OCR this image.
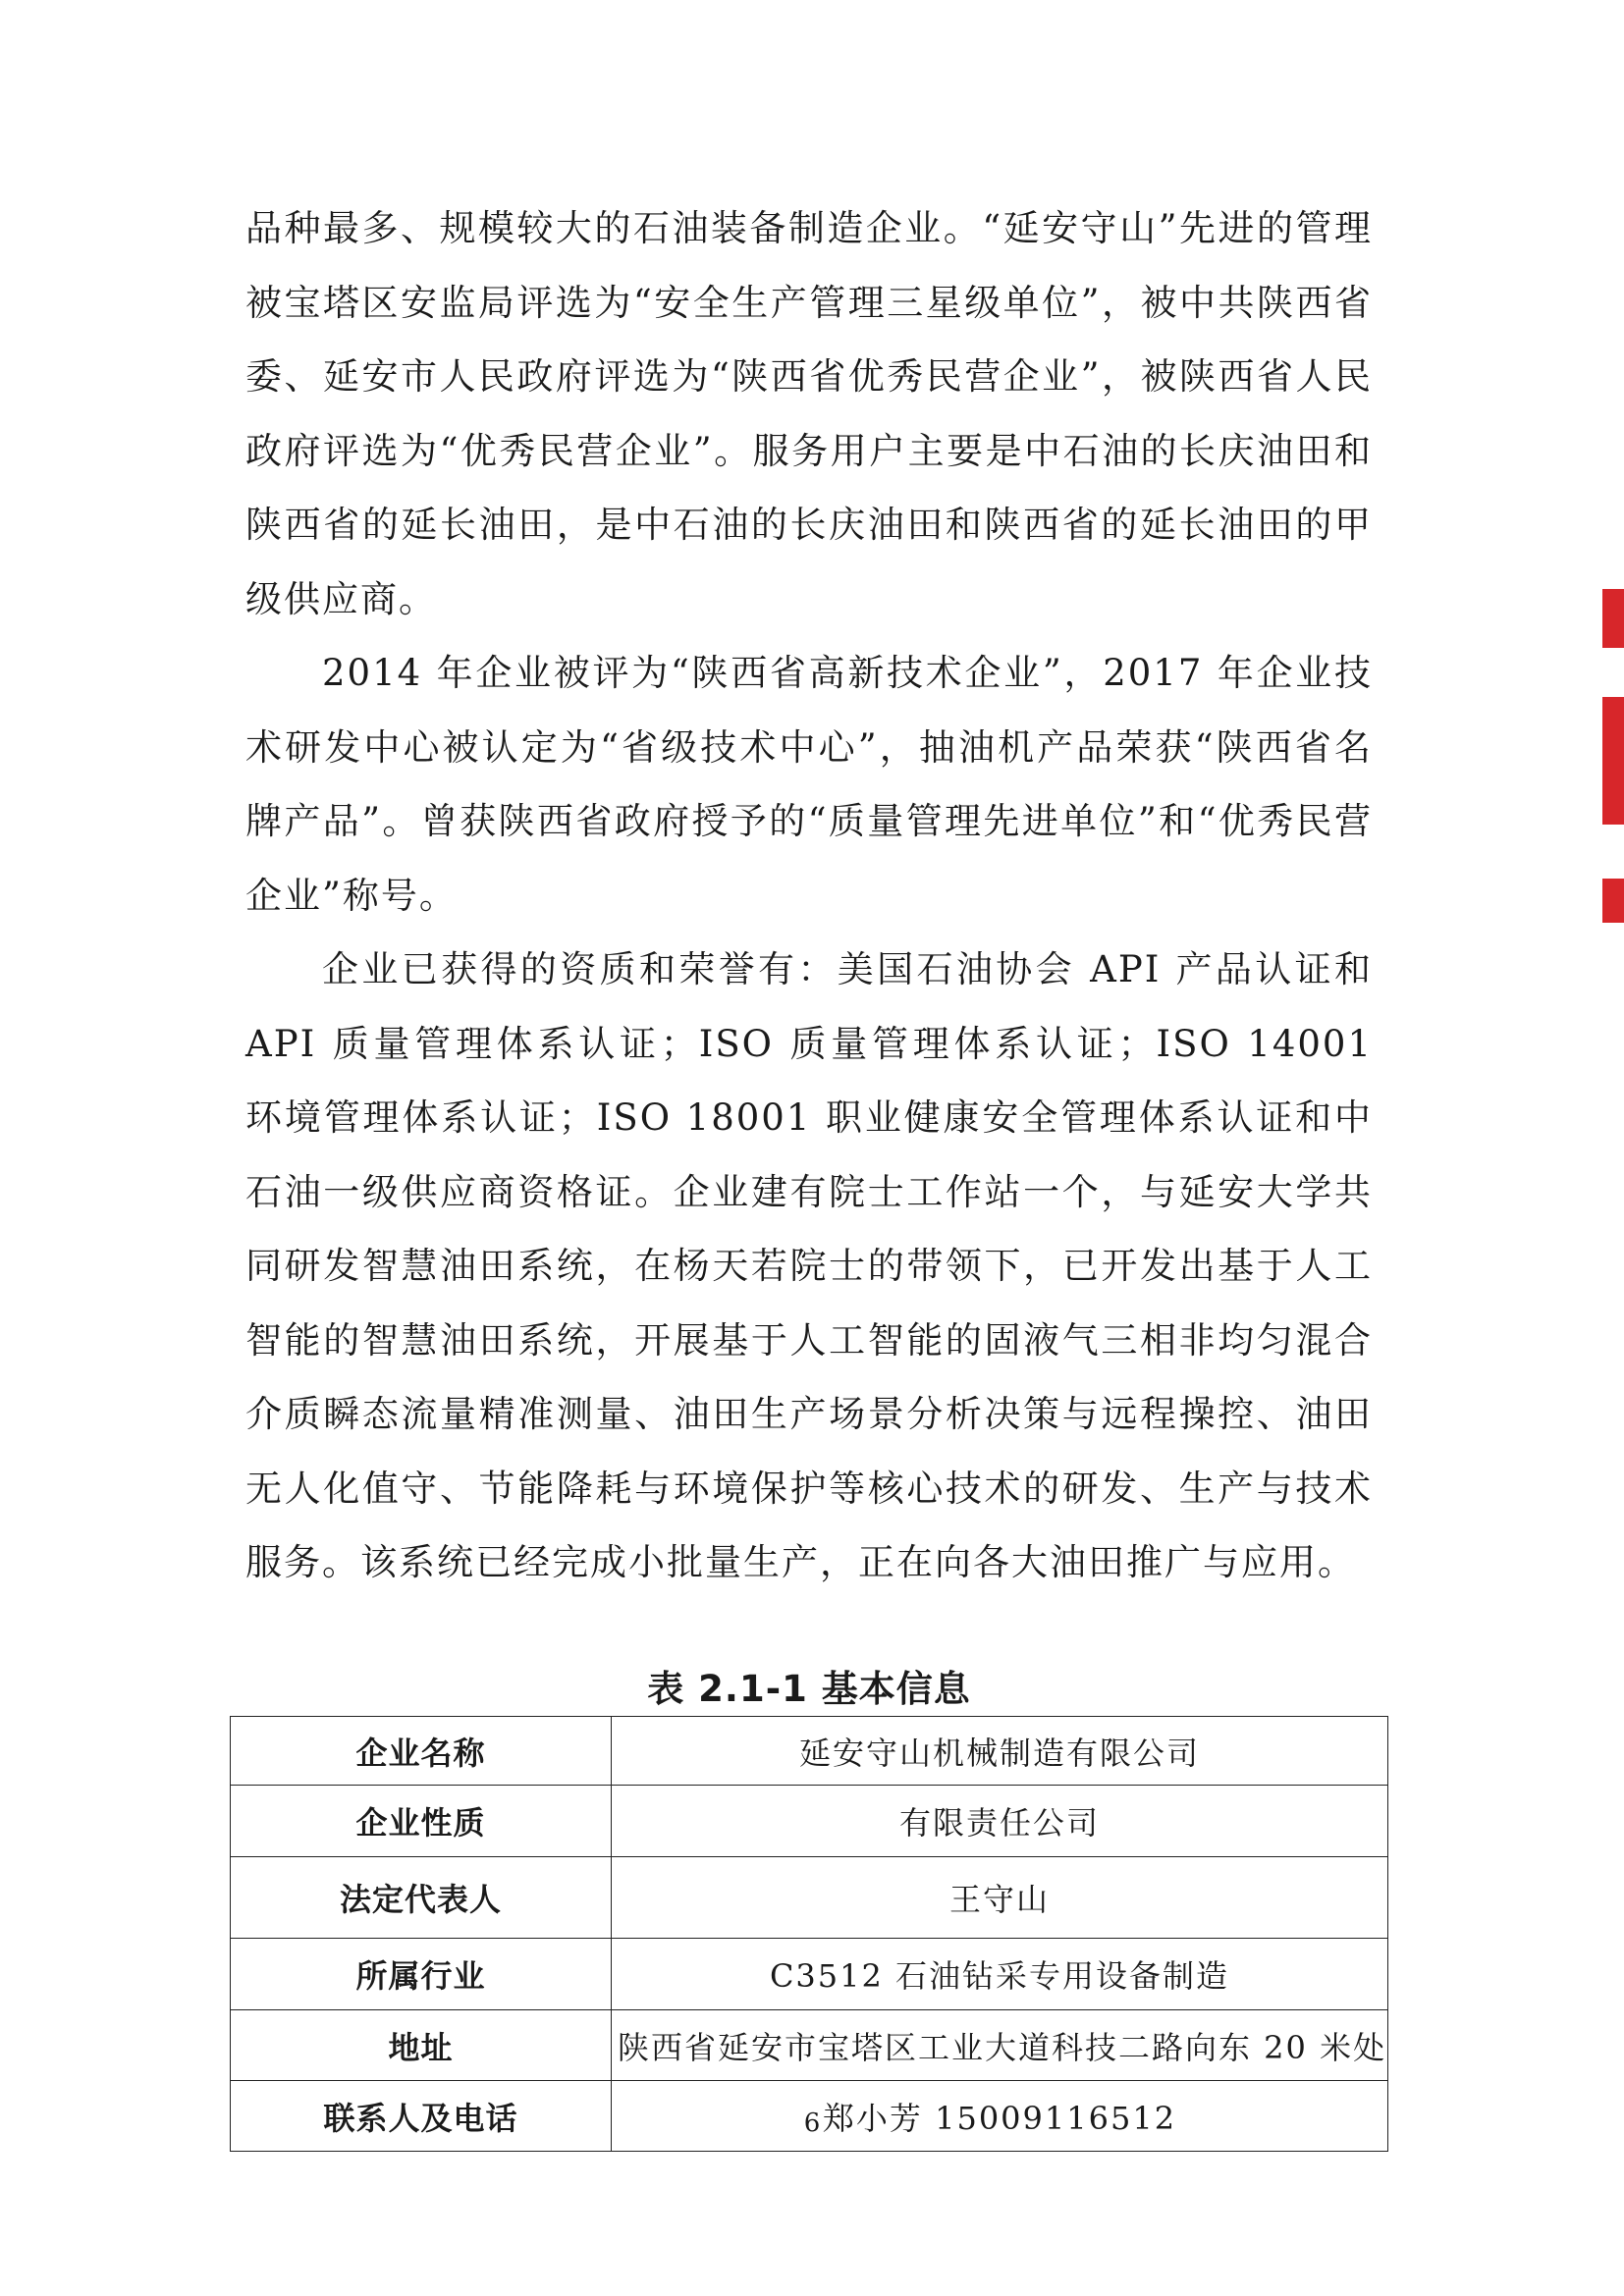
品种最多、规模较大的石油装备制造企业。“延安守山”先进的管理被宝塔区安监局评选为“安全生产管理三星级单位”，被中共陕西省委、延安市人民政府评选为“陕西省优秀民营企业”，被陕西省人民政府评选为“优秀民营企业”。服务用户主要是中石油的长庆油田和陕西省的延长油田，是中石油的长庆油田和陕西省的延长油田的甲级供应商。

2014 年企业被评为“陕西省高新技术企业”，2017 年企业技术研发中心被认定为“省级技术中心”，抽油机产品荣获“陕西省名牌产品”。曾获陕西省政府授予的“质量管理先进单位”和“优秀民营企业”称号。

企业已获得的资质和荣誉有：美国石油协会 API 产品认证和 API 质量管理体系认证；ISO 质量管理体系认证；ISO 14001 环境管理体系认证；ISO 18001 职业健康安全管理体系认证和中石油一级供应商资格证。企业建有院士工作站一个，与延安大学共同研发智慧油田系统，在杨天若院士的带领下，已开发出基于人工智能的智慧油田系统，开展基于人工智能的固液气三相非均匀混合介质瞬态流量精准测量、油田生产场景分析决策与远程操控、油田无人化值守、节能降耗与环境保护等核心技术的研发、生产与技术服务。该系统已经完成小批量生产，正在向各大油田推广与应用。

表 2.1-1 基本信息
企业名称	延安守山机械制造有限公司
企业性质	有限责任公司
法定代表人	王守山
所属行业	C3512 石油钻采专用设备制造
地址	陕西省延安市宝塔区工业大道科技二路向东 20 米处
联系人及电话	郑小芳 15009116512
6
